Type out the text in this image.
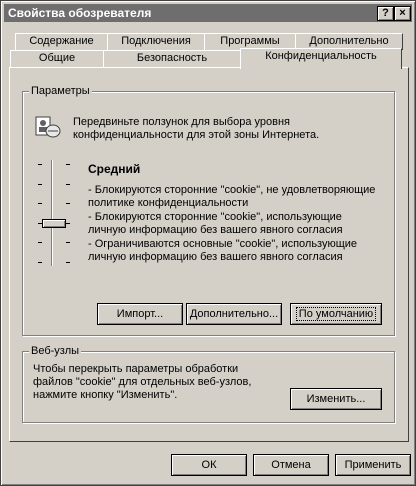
Свойства обозревателя	? ×
Содержание	Подключения	Программы	Дополнительно
Общие	Безопасность	Конфиденциальность
Параметры
Передвиньте ползунок для выбора уровня
конфиденциальности для этой зоны Интернета.
Средний
- Блокируются сторонние "cookie", не удовлетворяющие
политике конфиденциальности
- Блокируются сторонние "cookie", использующие
личную информацию без вашего явного согласия
- Ограничиваются основные "cookie", использующие
личную информацию без вашего явного согласия
Импорт...	Дополнительно...	По умолчанию
Веб-узлы
Чтобы перекрыть параметры обработки
файлов "cookie" для отдельных веб-узлов,
нажмите кнопку "Изменить".	Изменить...
ОК	Отмена	Применить
